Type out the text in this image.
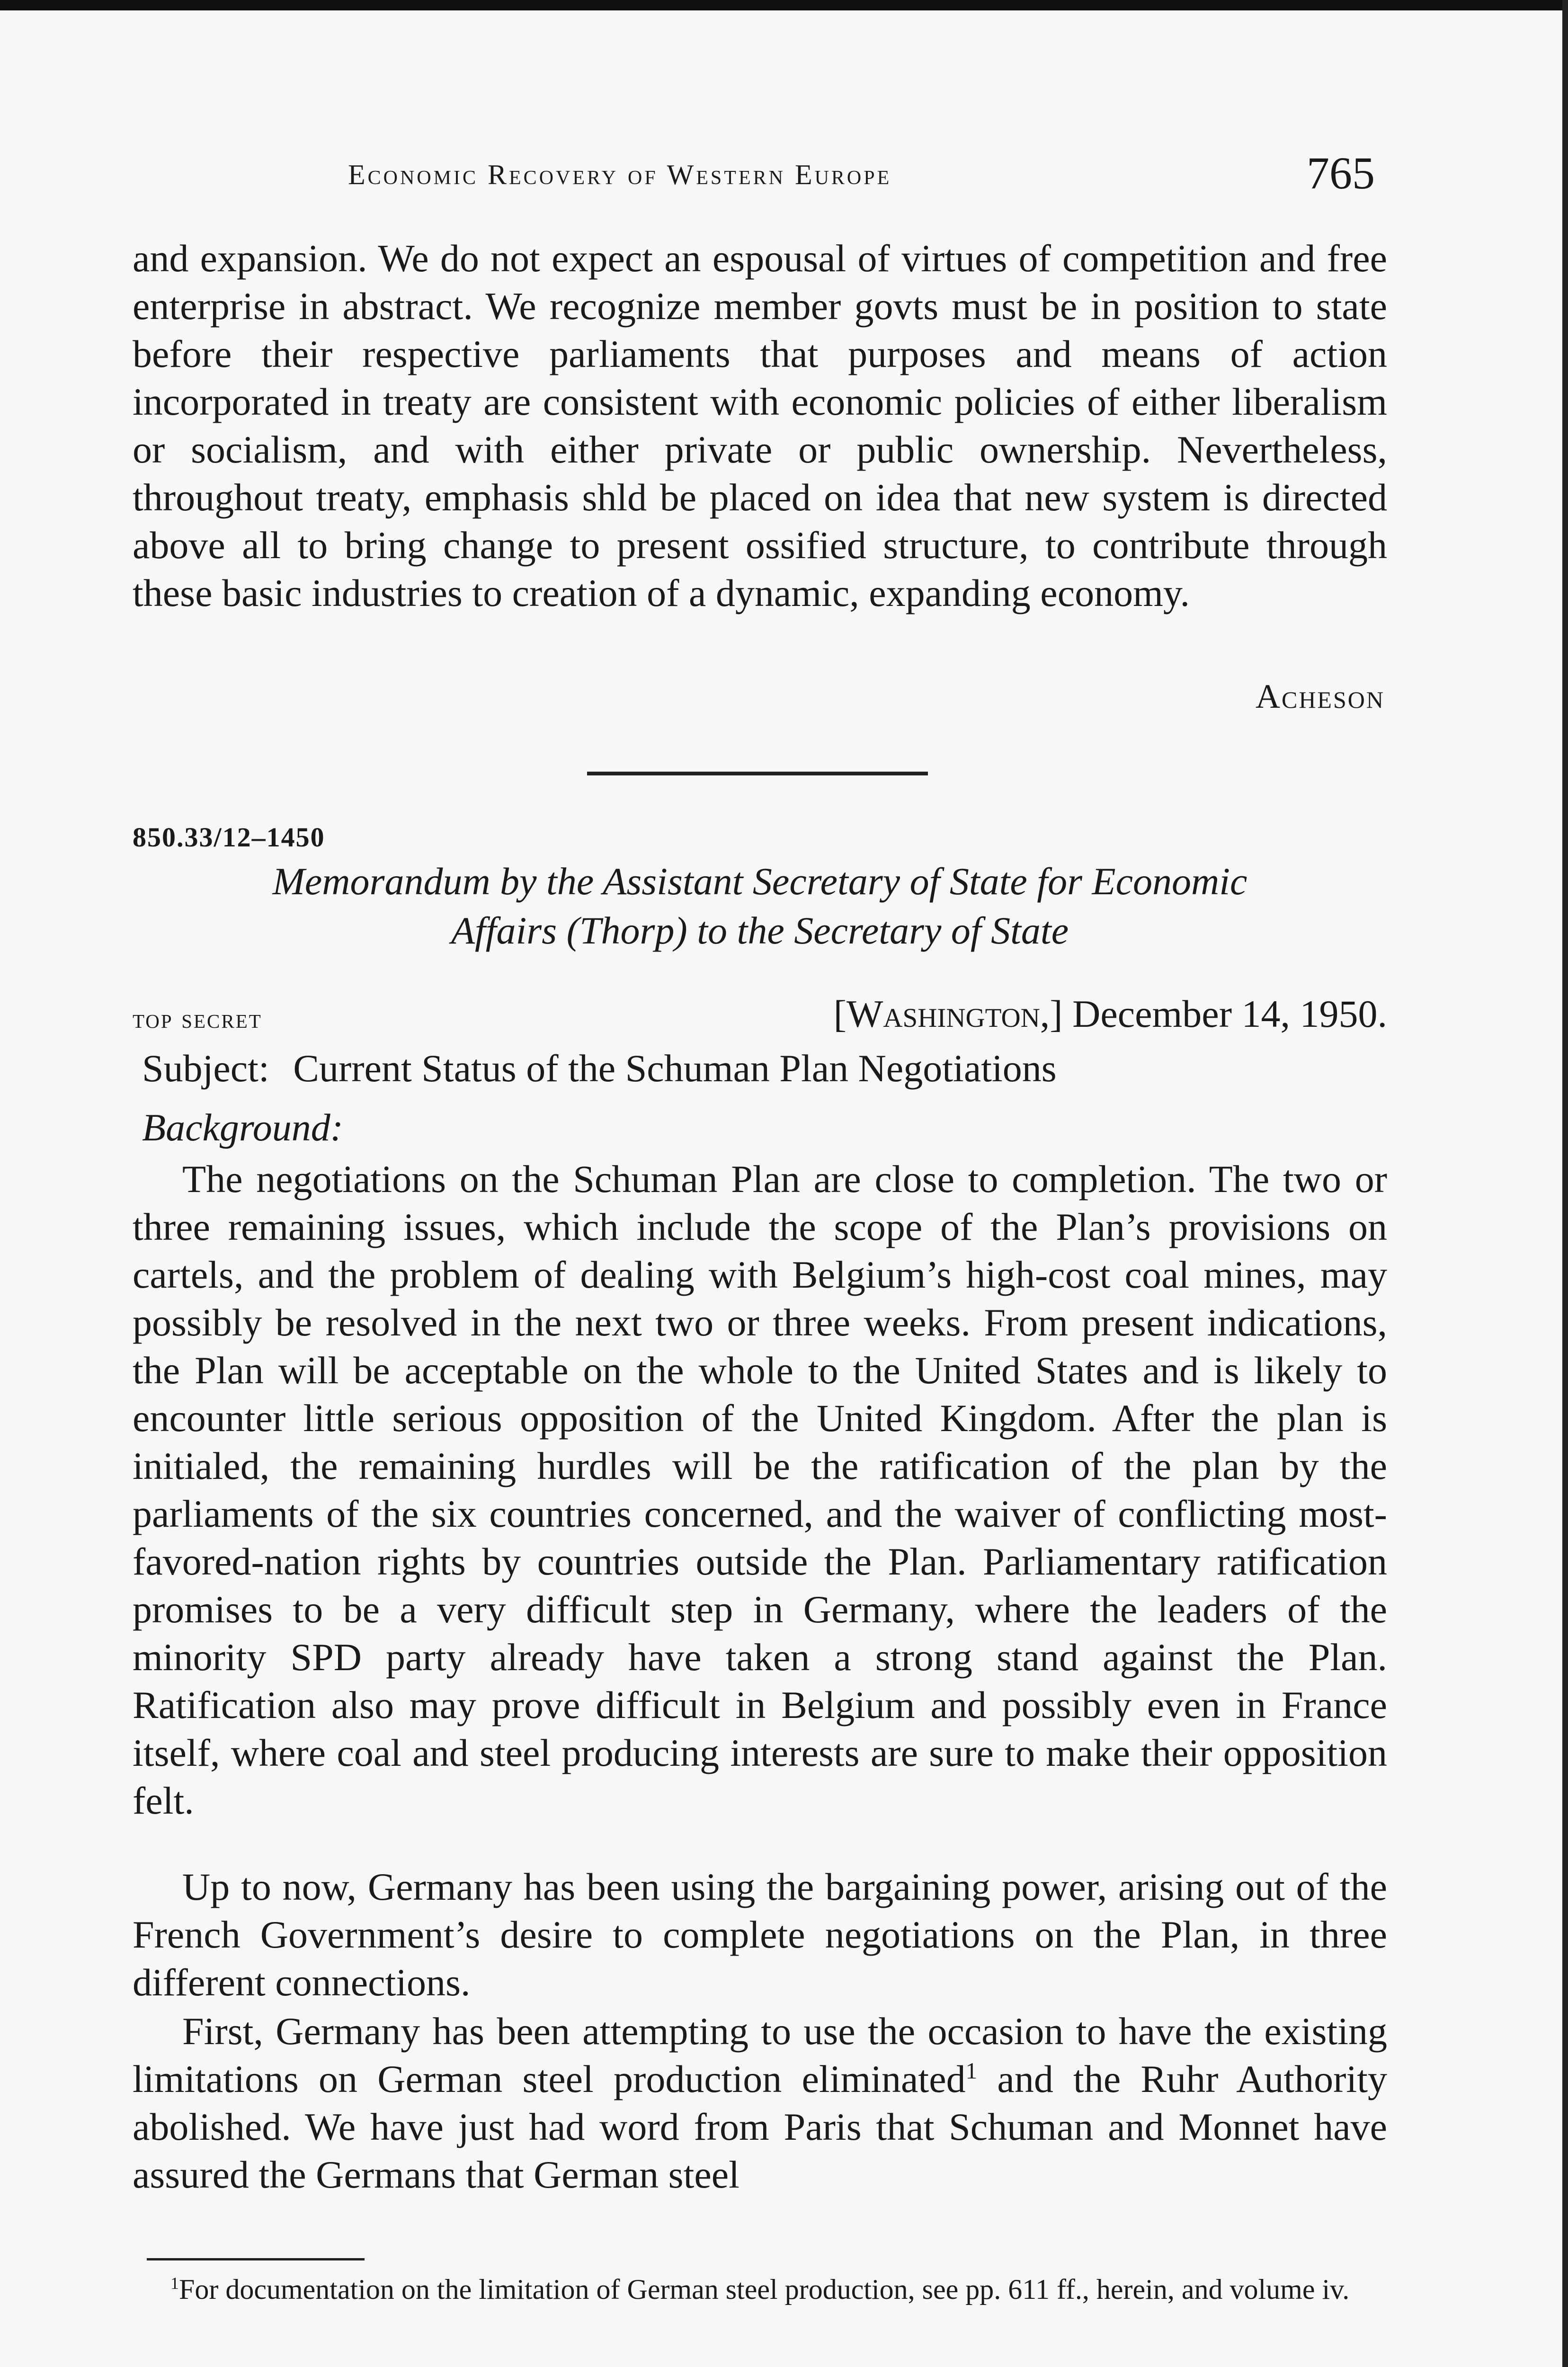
Economic Recovery of Western Europe	765

and expansion. We do not expect an espousal of virtues of competition and free enterprise in abstract. We recognize member govts must be in position to state before their respective parliaments that purposes and means of action incorporated in treaty are consistent with economic policies of either liberalism or socialism, and with either private or public ownership. Nevertheless, throughout treaty, emphasis shld be placed on idea that new system is directed above all to bring change to present ossified structure, to contribute through these basic industries to creation of a dynamic, expanding economy.

Acheson
850.33/12–1450
Memorandum by the Assistant Secretary of State for Economic
Affairs (Thorp) to the Secretary of State
top secret	[Washington,] December 14, 1950.
Subject: Current Status of the Schuman Plan Negotiations
Background:

The negotiations on the Schuman Plan are close to completion. The two or three remaining issues, which include the scope of the Plan’s provisions on cartels, and the problem of dealing with Belgium’s high-cost coal mines, may possibly be resolved in the next two or three weeks. From present indications, the Plan will be acceptable on the whole to the United States and is likely to encounter little serious opposition of the United Kingdom. After the plan is initialed, the remaining hurdles will be the ratification of the plan by the parliaments of the six countries concerned, and the waiver of conflicting most-favored-nation rights by countries outside the Plan. Parliamentary ratification promises to be a very difficult step in Germany, where the leaders of the minority SPD party already have taken a strong stand against the Plan. Ratification also may prove difficult in Belgium and possibly even in France itself, where coal and steel producing interests are sure to make their opposition felt.

Up to now, Germany has been using the bargaining power, arising out of the French Government’s desire to complete negotiations on the Plan, in three different connections.

First, Germany has been attempting to use the occasion to have the existing limitations on German steel production eliminated$^1$ and the Ruhr Authority abolished. We have just had word from Paris that Schuman and Monnet have assured the Germans that German steel

$^1$For documentation on the limitation of German steel production, see pp. 611 ff., herein, and volume iv.
